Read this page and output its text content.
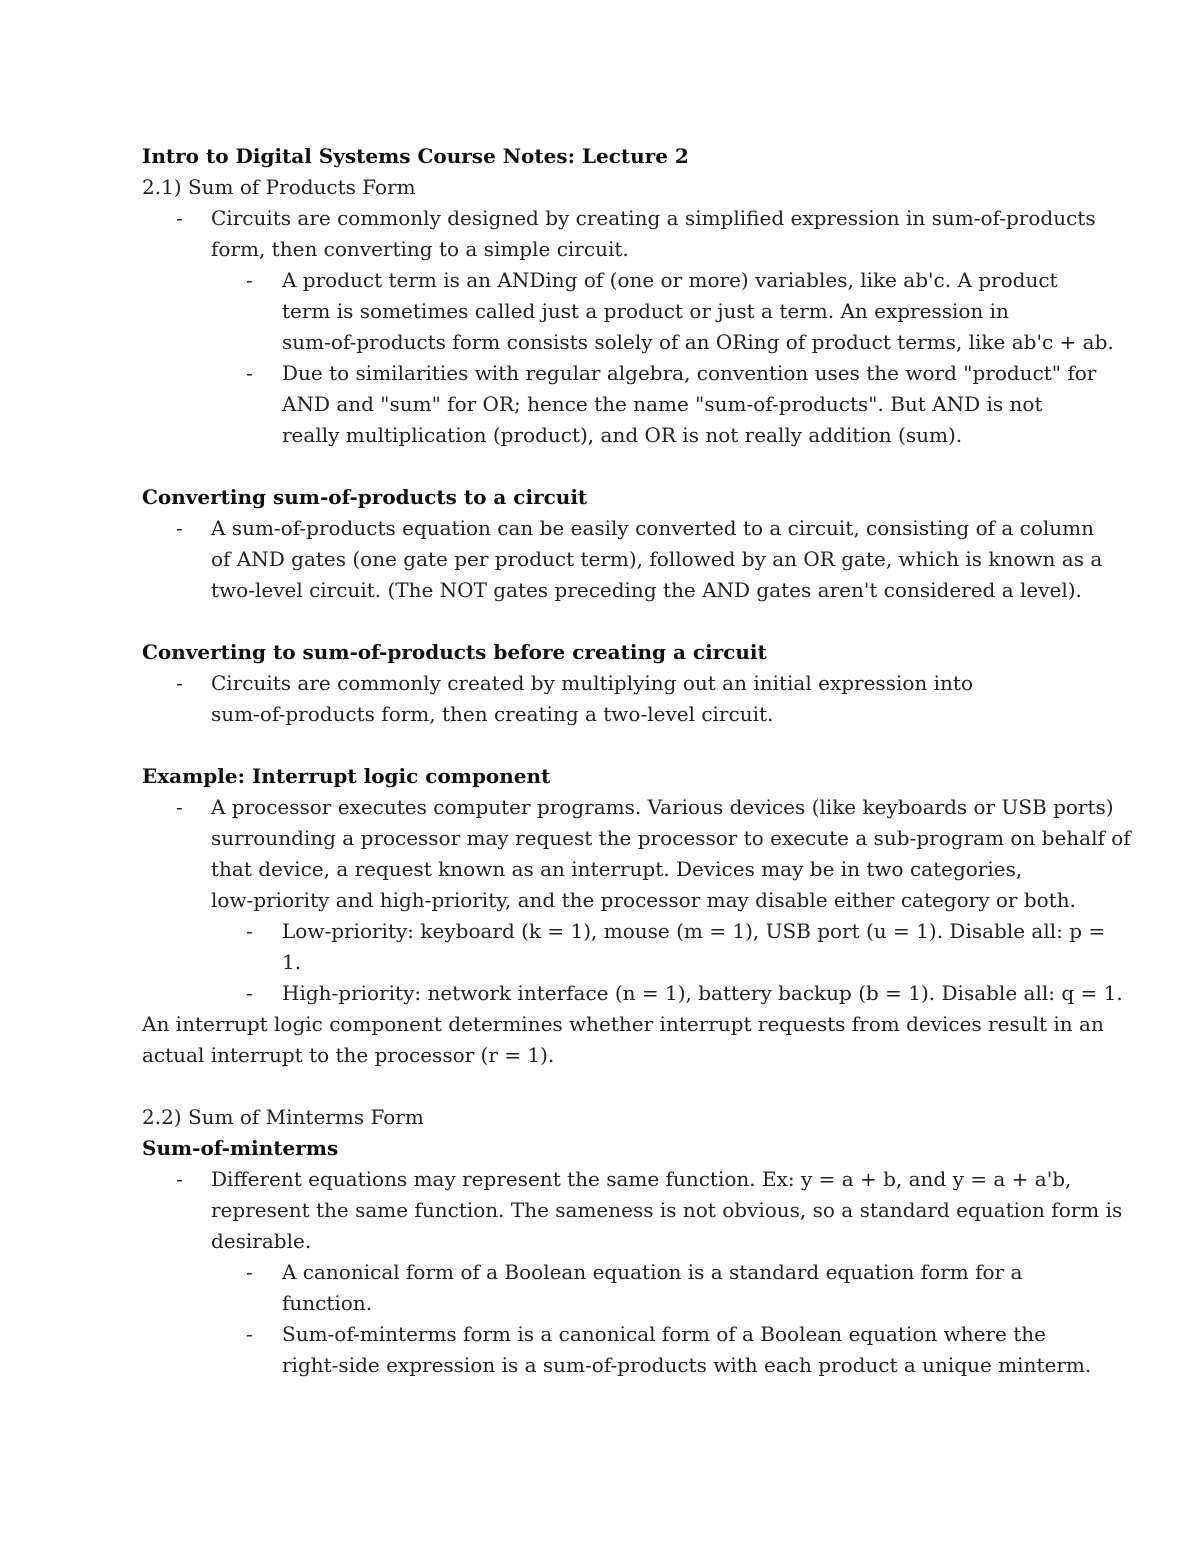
Intro to Digital Systems Course Notes: Lecture 2
2.1) Sum of Products Form
- Circuits are commonly designed by creating a simplified expression in sum-of-products
form, then converting to a simple circuit.
- A product term is an ANDing of (one or more) variables, like ab'c. A product
term is sometimes called just a product or just a term. An expression in
sum-of-products form consists solely of an ORing of product terms, like ab'c + ab.
- Due to similarities with regular algebra, convention uses the word "product" for
AND and "sum" for OR; hence the name "sum-of-products". But AND is not
really multiplication (product), and OR is not really addition (sum).
Converting sum-of-products to a circuit
- A sum-of-products equation can be easily converted to a circuit, consisting of a column
of AND gates (one gate per product term), followed by an OR gate, which is known as a
two-level circuit. (The NOT gates preceding the AND gates aren't considered a level).
Converting to sum-of-products before creating a circuit
- Circuits are commonly created by multiplying out an initial expression into
sum-of-products form, then creating a two-level circuit.
Example: Interrupt logic component
- A processor executes computer programs. Various devices (like keyboards or USB ports)
surrounding a processor may request the processor to execute a sub-program on behalf of
that device, a request known as an interrupt. Devices may be in two categories,
low-priority and high-priority, and the processor may disable either category or both.
- Low-priority: keyboard (k = 1), mouse (m = 1), USB port (u = 1). Disable all: p =
1.
- High-priority: network interface (n = 1), battery backup (b = 1). Disable all: q = 1.
An interrupt logic component determines whether interrupt requests from devices result in an
actual interrupt to the processor (r = 1).
2.2) Sum of Minterms Form
Sum-of-minterms
- Different equations may represent the same function. Ex: y = a + b, and y = a + a'b,
represent the same function. The sameness is not obvious, so a standard equation form is
desirable.
- A canonical form of a Boolean equation is a standard equation form for a
function.
- Sum-of-minterms form is a canonical form of a Boolean equation where the
right-side expression is a sum-of-products with each product a unique minterm.
